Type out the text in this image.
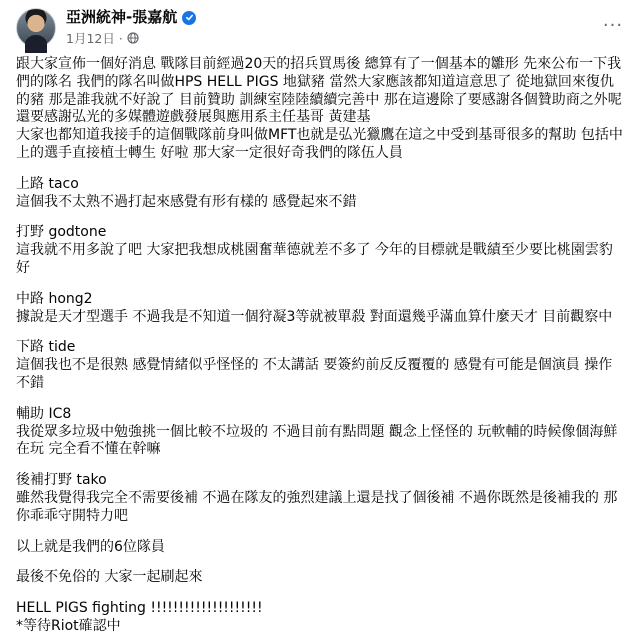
亞洲統神-張嘉航
1月12日 ·
···
跟大家宣佈一個好消息 戰隊目前經過20天的招兵買馬後 總算有了一個基本的雛形 先來公布一下我們的隊名 我們的隊名叫做HPS HELL PIGS 地獄豬 當然大家應該都知道這意思了 從地獄回來復仇的豬 那是誰我就不好說了 目前贊助 訓練室陸陸續續完善中 那在這邊除了要感謝各個贊助商之外呢 還要感謝弘光的多媒體遊戲發展與應用系主任基哥 黃建基
大家也都知道我接手的這個戰隊前身叫做MFT也就是弘光獵鷹在這之中受到基哥很多的幫助 包括中上的選手直接植士轉生 好啦 那大家一定很好奇我們的隊伍人員
上路 taco
這個我不太熟不過打起來感覺有形有樣的 感覺起來不錯
打野 godtone
這我就不用多說了吧 大家把我想成桃園奮華德就差不多了 今年的目標就是戰績至少要比桃園雲豹好
中路 hong2
據說是天才型選手 不過我是不知道一個狩凝3等就被單殺 對面還幾乎滿血算什麼天才 目前觀察中
下路 tide
這個我也不是很熟 感覺情緒似乎怪怪的 不太講話 要簽約前反反覆覆的 感覺有可能是個演員 操作不錯
輔助 IC8
我從眾多垃圾中勉強挑一個比較不垃圾的 不過目前有點問題 觀念上怪怪的 玩軟輔的時候像個海鮮在玩 完全看不懂在幹嘛
後補打野 tako
雖然我覺得我完全不需要後補 不過在隊友的強烈建議上還是找了個後補 不過你既然是後補我的 那你乖乖守開特力吧
以上就是我們的6位隊員
最後不免俗的 大家一起刷起來
HELL PIGS fighting !!!!!!!!!!!!!!!!!!!!
*等待Riot確認中
